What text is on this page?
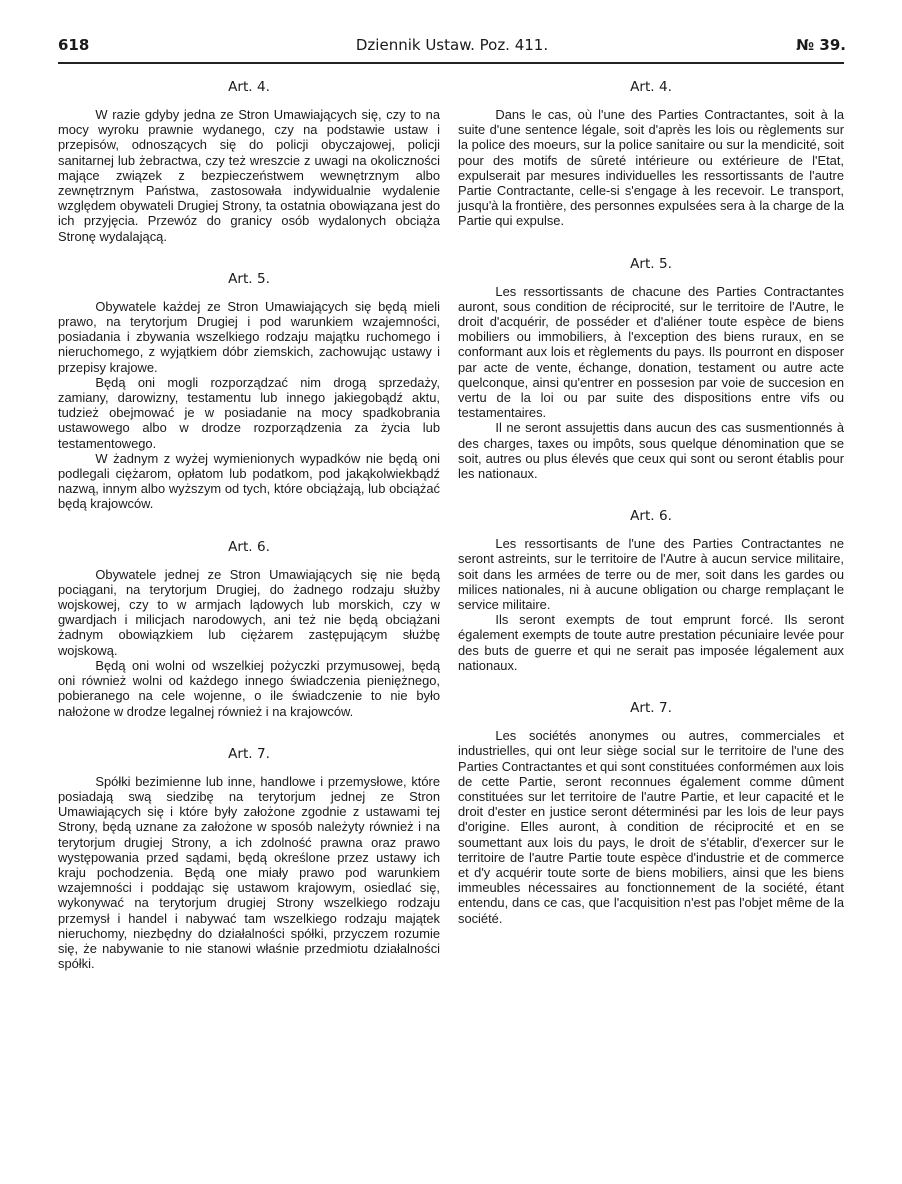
618	Dziennik Ustaw. Poz. 411.	№ 39.
Art. 4.

W razie gdyby jedna ze Stron Umawiających się, czy to na mocy wyroku prawnie wydanego, czy na podstawie ustaw i przepisów, odnoszących się do policji obyczajowej, policji sanitarnej lub żebractwa, czy też wreszcie z uwagi na okoliczności mające związek z bezpieczeństwem wewnętrznym albo zewnętrznym Państwa, zastosowała indywidualnie wydalenie względem obywateli Drugiej Strony, ta ostatnia obowiązana jest do ich przyjęcia. Przewóz do granicy osób wydalonych obciąża Stronę wydalającą.

Art. 5.

Obywatele każdej ze Stron Umawiających się będą mieli prawo, na terytorjum Drugiej i pod warunkiem wzajemności, posiadania i zbywania wszelkiego rodzaju majątku ruchomego i nieruchomego, z wyjątkiem dóbr ziemskich, zachowując ustawy i przepisy krajowe.

Będą oni mogli rozporządzać nim drogą sprzedaży, zamiany, darowizny, testamentu lub innego jakiegobądź aktu, tudzież obejmować je w posiadanie na mocy spadkobrania ustawowego albo w drodze rozporządzenia za życia lub testamentowego.

W żadnym z wyżej wymienionych wypadków nie będą oni podlegali ciężarom, opłatom lub podatkom, pod jakąkolwiekbądź nazwą, innym albo wyższym od tych, które obciążają, lub obciążać będą krajowców.

Art. 6.

Obywatele jednej ze Stron Umawiających się nie będą pociągani, na terytorjum Drugiej, do żadnego rodzaju służby wojskowej, czy to w armjach lądowych lub morskich, czy w gwardjach i milicjach narodowych, ani też nie będą obciążani żadnym obowiązkiem lub ciężarem zastępującym służbę wojskową.

Będą oni wolni od wszelkiej pożyczki przymusowej, będą oni również wolni od każdego innego świadczenia pieniężnego, pobieranego na cele wojenne, o ile świadczenie to nie było nałożone w drodze legalnej również i na krajowców.

Art. 7.

Spółki bezimienne lub inne, handlowe i przemysłowe, które posiadają swą siedzibę na terytorjum jednej ze Stron Umawiających się i które były założone zgodnie z ustawami tej Strony, będą uznane za założone w sposób należyty również i na terytorjum drugiej Strony, a ich zdolność prawna oraz prawo występowania przed sądami, będą określone przez ustawy ich kraju pochodzenia. Będą one miały prawo pod warunkiem wzajemności i poddając się ustawom krajowym, osiedlać się, wykonywać na terytorjum drugiej Strony wszelkiego rodzaju przemysł i handel i nabywać tam wszelkiego rodzaju majątek nieruchomy, niezbędny do działalności spółki, przyczem rozumie się, że nabywanie to nie stanowi właśnie przedmiotu działalności spółki.

Art. 4.

Dans le cas, où l'une des Parties Contractantes, soit à la suite d'une sentence légale, soit d'après les lois ou règlements sur la police des moeurs, sur la police sanitaire ou sur la mendicité, soit pour des motifs de sûreté intérieure ou extérieure de l'Etat, expulserait par mesures individuelles les ressortissants de l'autre Partie Contractante, celle-si s'engage à les recevoir. Le transport, jusqu'à la frontière, des personnes expulsées sera à la charge de la Partie qui expulse.

Art. 5.

Les ressortissants de chacune des Parties Contractantes auront, sous condition de réciprocité, sur le territoire de l'Autre, le droit d'acquérir, de posséder et d'aliéner toute espèce de biens mobiliers ou immobiliers, à l'exception des biens ruraux, en se conformant aux lois et règlements du pays. Ils pourront en disposer par acte de vente, échange, donation, testament ou autre acte quelconque, ainsi qu'entrer en possesion par voie de succesion en vertu de la loi ou par suite des dispositions entre vifs ou testamentaires.

Il ne seront assujettis dans aucun des cas susmentionnés à des charges, taxes ou impôts, sous quelque dénomination que se soit, autres ou plus élevés que ceux qui sont ou seront établis pour les nationaux.

Art. 6.

Les ressortisants de l'une des Parties Contractantes ne seront astreints, sur le territoire de l'Autre à aucun service militaire, soit dans les armées de terre ou de mer, soit dans les gardes ou milices nationales, ni à aucune obligation ou charge remplaçant le service militaire.

Ils seront exempts de tout emprunt forcé. Ils seront également exempts de toute autre prestation pécuniaire levée pour des buts de guerre et qui ne serait pas imposée légalement aux nationaux.

Art. 7.

Les sociétés anonymes ou autres, commerciales et industrielles, qui ont leur siège social sur le territoire de l'une des Parties Contractantes et qui sont constituées conformémen aux lois de cette Partie, seront reconnues également comme dûment constituées sur let territoire de l'autre Partie, et leur capacité et le droit d'ester en justice seront déterminési par les lois de leur pays d'origine. Elles auront, à condition de réciprocité et en se soumettant aux lois du pays, le droit de s'établir, d'exercer sur le territoire de l'autre Partie toute espèce d'industrie et de commerce et d'y acquérir toute sorte de biens mobiliers, ainsi que les biens immeubles nécessaires au fonctionnement de la société, étant entendu, dans ce cas, que l'acquisition n'est pas l'objet même de la société.
